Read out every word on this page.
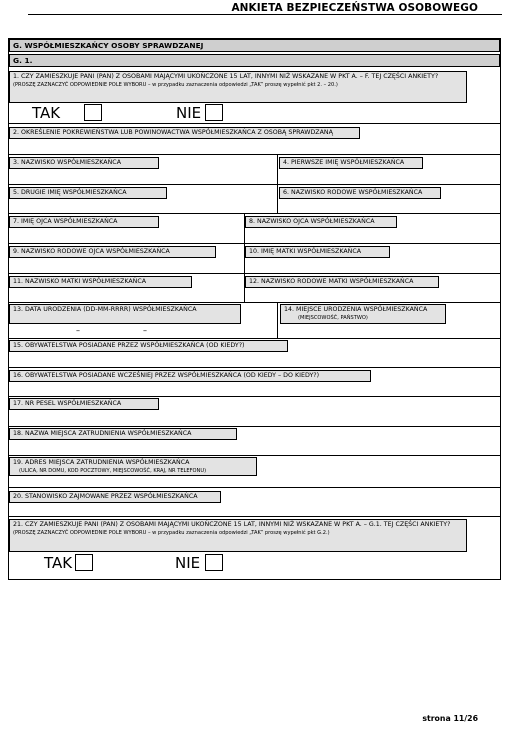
ANKIETA BEZPIECZEŃSTWA OSOBOWEGO
G. WSPÓŁMIESZKAŃCY OSOBY SPRAWDZANEJ
G. 1.
1. CZY ZAMIESZKUJE PANI (PAN) Z OSOBAMI MAJĄCYMI UKOŃCZONE 15 LAT, INNYMI NIŻ WSKAZANE W PKT A. – F. TEJ CZĘŚCI ANKIETY?
(PROSZĘ ZAZNACZYĆ ODPOWIEDNIE POLE WYBORU – w przypadku zaznaczenia odpowiedzi „TAK” proszę wypełnić pkt 2. – 20.)
TAK	NIE
2. OKREŚLENIE POKREWIEŃSTWA LUB POWINOWACTWA WSPÓŁMIESZKAŃCA Z OSOBĄ SPRAWDZANĄ
3. NAZWISKO WSPÓŁMIESZKAŃCA	4. PIERWSZE IMIĘ WSPÓŁMIESZKAŃCA
5. DRUGIE IMIĘ WSPÓŁMIESZKAŃCA	6. NAZWISKO RODOWE WSPÓŁMIESZKAŃCA
7. IMIĘ OJCA WSPÓŁMIESZKAŃCA	8. NAZWISKO OJCA WSPÓŁMIESZKAŃCA
9. NAZWISKO RODOWE OJCA WSPÓŁMIESZKAŃCA	10. IMIĘ MATKI WSPÓŁMIESZKAŃCA
11. NAZWISKO MATKI WSPÓŁMIESZKAŃCA	12. NAZWISKO RODOWE MATKI WSPÓŁMIESZKAŃCA
13. DATA URODZENIA (DD-MM-RRRR) WSPÓŁMIESZKAŃCA
–	–
14. MIEJSCE URODZENIA WSPÓŁMIESZKAŃCA
(MIEJSCOWOŚĆ, PAŃSTWO)
15. OBYWATELSTWA POSIADANE PRZEZ WSPÓŁMIESZKAŃCA (OD KIEDY?)
16. OBYWATELSTWA POSIADANE WCZEŚNIEJ PRZEZ WSPÓŁMIESZKAŃCA (OD KIEDY – DO KIEDY?)
17. NR PESEL WSPÓŁMIESZKAŃCA
18. NAZWA MIEJSCA ZATRUDNIENIA WSPÓŁMIESZKAŃCA
19. ADRES MIEJSCA ZATRUDNIENIA WSPÓŁMIESZKAŃCA
(ULICA, NR DOMU, KOD POCZTOWY, MIEJSCOWOŚĆ, KRAJ, NR TELEFONU)
20. STANOWISKO ZAJMOWANE PRZEZ WSPÓŁMIESZKAŃCA
21. CZY ZAMIESZKUJE PANI (PAN) Z OSOBAMI MAJĄCYMI UKOŃCZONE 15 LAT, INNYMI NIŻ WSKAZANE W PKT A. – G.1. TEJ CZĘŚCI ANKIETY?
(PROSZĘ ZAZNACZYĆ ODPOWIEDNIE POLE WYBORU – w przypadku zaznaczenia odpowiedzi „TAK” proszę wypełnić pkt G.2.)
TAK	NIE
strona 11/26
